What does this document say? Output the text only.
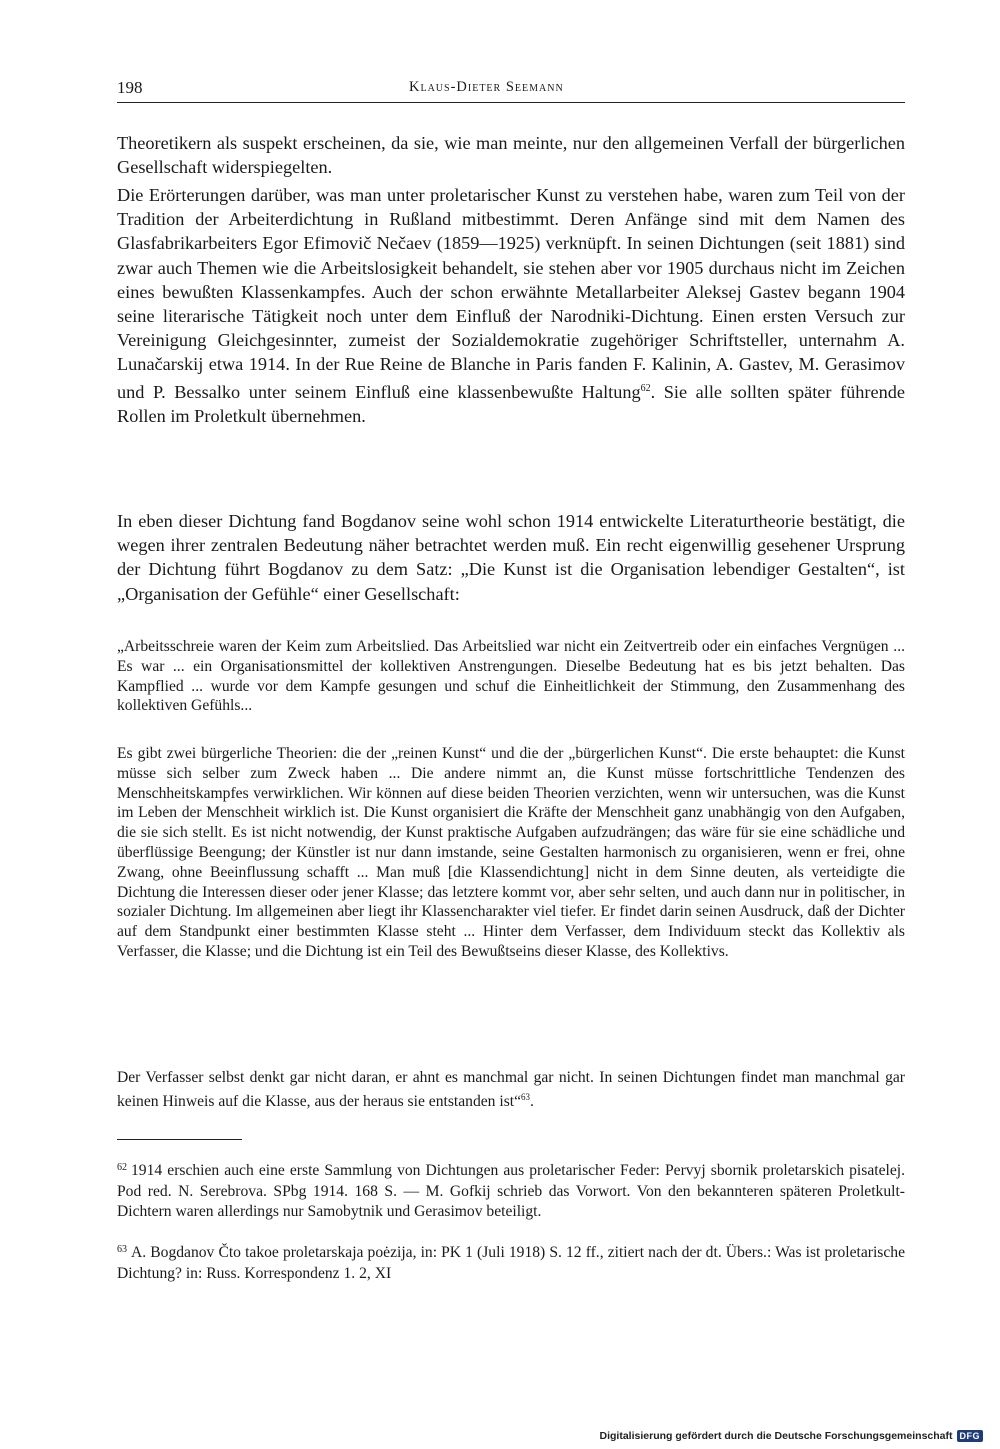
198	Klaus-Dieter Seemann

Theoretikern als suspekt erscheinen, da sie, wie man meinte, nur den allgemeinen Verfall der bürgerlichen Gesellschaft widerspiegelten.

Die Erörterungen darüber, was man unter proletarischer Kunst zu verstehen habe, waren zum Teil von der Tradition der Arbeiterdichtung in Rußland mitbestimmt. Deren Anfänge sind mit dem Namen des Glasfabrikarbeiters Egor Efimovič Nečaev (1859—1925) verknüpft. In seinen Dichtungen (seit 1881) sind zwar auch Themen wie die Arbeitslosigkeit behandelt, sie stehen aber vor 1905 durchaus nicht im Zeichen eines bewußten Klassenkampfes. Auch der schon erwähnte Metallarbeiter Aleksej Gastev begann 1904 seine literarische Tätigkeit noch unter dem Einfluß der Narodniki-Dichtung. Einen ersten Versuch zur Vereinigung Gleichgesinnter, zumeist der Sozialdemokratie zugehöriger Schriftsteller, unternahm A. Lunačarskij etwa 1914. In der Rue Reine de Blanche in Paris fanden F. Kalinin, A. Gastev, M. Gerasimov und P. Bessalko unter seinem Einfluß eine klassenbewußte Haltung$^{62}$. Sie alle sollten später führende Rollen im Proletkult übernehmen.

In eben dieser Dichtung fand Bogdanov seine wohl schon 1914 entwickelte Literaturtheorie bestätigt, die wegen ihrer zentralen Bedeutung näher betrachtet werden muß. Ein recht eigenwillig gesehener Ursprung der Dichtung führt Bogdanov zu dem Satz: „Die Kunst ist die Organisation lebendiger Gestalten“, ist „Organisation der Gefühle“ einer Gesellschaft:

„Arbeitsschreie waren der Keim zum Arbeitslied. Das Arbeitslied war nicht ein Zeitvertreib oder ein einfaches Vergnügen ... Es war ... ein Organisationsmittel der kollektiven Anstrengungen. Dieselbe Bedeutung hat es bis jetzt behalten. Das Kampflied ... wurde vor dem Kampfe gesungen und schuf die Einheitlichkeit der Stimmung, den Zusammenhang des kollektiven Gefühls...

Es gibt zwei bürgerliche Theorien: die der „reinen Kunst“ und die der „bürgerlichen Kunst“. Die erste behauptet: die Kunst müsse sich selber zum Zweck haben ... Die andere nimmt an, die Kunst müsse fortschrittliche Tendenzen des Menschheitskampfes verwirklichen. Wir können auf diese beiden Theorien verzichten, wenn wir untersuchen, was die Kunst im Leben der Menschheit wirklich ist. Die Kunst organisiert die Kräfte der Menschheit ganz unabhängig von den Aufgaben, die sie sich stellt. Es ist nicht notwendig, der Kunst praktische Aufgaben aufzudrängen; das wäre für sie eine schädliche und überflüssige Beengung; der Künstler ist nur dann imstande, seine Gestalten harmonisch zu organisieren, wenn er frei, ohne Zwang, ohne Beeinflussung schafft ... Man muß [die Klassendichtung] nicht in dem Sinne deuten, als verteidigte die Dichtung die Interessen dieser oder jener Klasse; das letztere kommt vor, aber sehr selten, und auch dann nur in politischer, in sozialer Dichtung. Im allgemeinen aber liegt ihr Klassencharakter viel tiefer. Er findet darin seinen Ausdruck, daß der Dichter auf dem Standpunkt einer bestimmten Klasse steht ... Hinter dem Verfasser, dem Individuum steckt das Kollektiv als Verfasser, die Klasse; und die Dichtung ist ein Teil des Bewußtseins dieser Klasse, des Kollektivs.

Der Verfasser selbst denkt gar nicht daran, er ahnt es manchmal gar nicht. In seinen Dichtungen findet man manchmal gar keinen Hinweis auf die Klasse, aus der heraus sie entstanden ist“$^{63}$.

$^{62}$ 1914 erschien auch eine erste Sammlung von Dichtungen aus proletarischer Feder: Pervyj sbornik proletarskich pisatelej. Pod red. N. Serebrova. SPbg 1914. 168 S. — M. Gofkij schrieb das Vorwort. Von den bekannteren späteren Proletkult-Dichtern waren allerdings nur Samobytnik und Gerasimov beteiligt.
$^{63}$ A. Bogdanov Čto takoe proletarskaja poėzija, in: PK 1 (Juli 1918) S. 12 ff., zitiert nach der dt. Übers.: Was ist proletarische Dichtung? in: Russ. Korrespondenz 1. 2, XI
Digitalisierung gefördert durch die Deutsche Forschungsgemeinschaft DFG
